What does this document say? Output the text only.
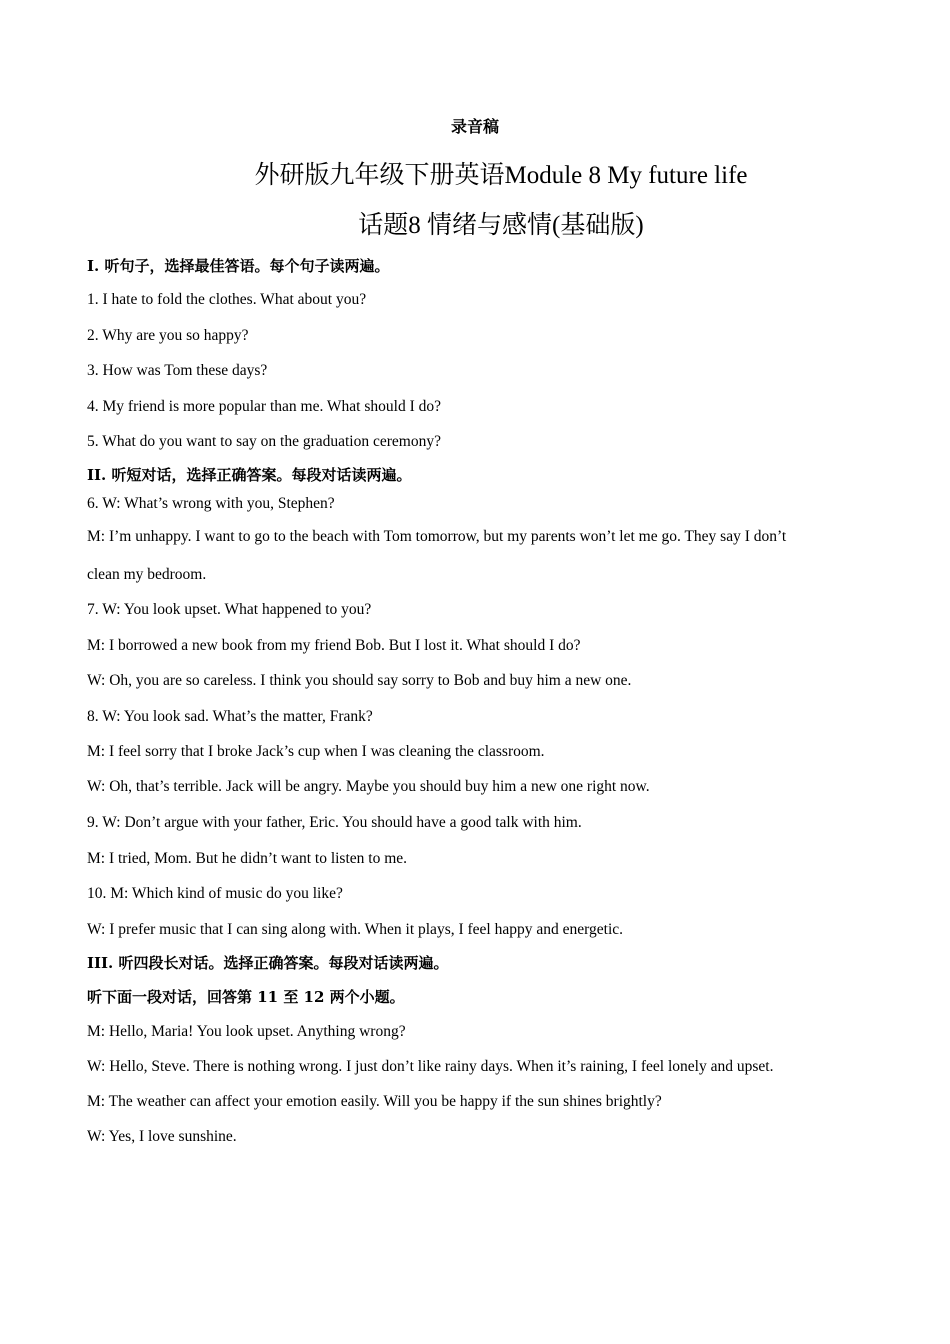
录音稿
外研版九年级下册英语Module 8 My future life
话题8 情绪与感情(基础版)
Ⅰ. 听句子，选择最佳答语。每个句子读两遍。
1. I hate to fold the clothes. What about you?
2. Why are you so happy?
3. How was Tom these days?
4. My friend is more popular than me. What should I do?
5. What do you want to say on the graduation ceremony?
II. 听短对话，选择正确答案。每段对话读两遍。
6. W: What’s wrong with you, Stephen?
M: I’m unhappy. I want to go to the beach with Tom tomorrow, but my parents won’t let me go. They say I don’t
clean my bedroom.
7. W: You look upset. What happened to you?
M: I borrowed a new book from my friend Bob. But I lost it. What should I do?
W: Oh, you are so careless. I think you should say sorry to Bob and buy him a new one.
8. W: You look sad. What’s the matter, Frank?
M: I feel sorry that I broke Jack’s cup when I was cleaning the classroom.
W: Oh, that’s terrible. Jack will be angry. Maybe you should buy him a new one right now.
9. W: Don’t argue with your father, Eric. You should have a good talk with him.
M: I tried, Mom. But he didn’t want to listen to me.
10. M: Which kind of music do you like?
W: I prefer music that I can sing along with. When it plays, I feel happy and energetic.
III. 听四段长对话。选择正确答案。每段对话读两遍。
听下面一段对话，回答第 11 至 12 两个小题。
M: Hello, Maria! You look upset. Anything wrong?
W: Hello, Steve. There is nothing wrong. I just don’t like rainy days. When it’s raining, I feel lonely and upset.
M: The weather can affect your emotion easily. Will you be happy if the sun shines brightly?
W: Yes, I love sunshine.
